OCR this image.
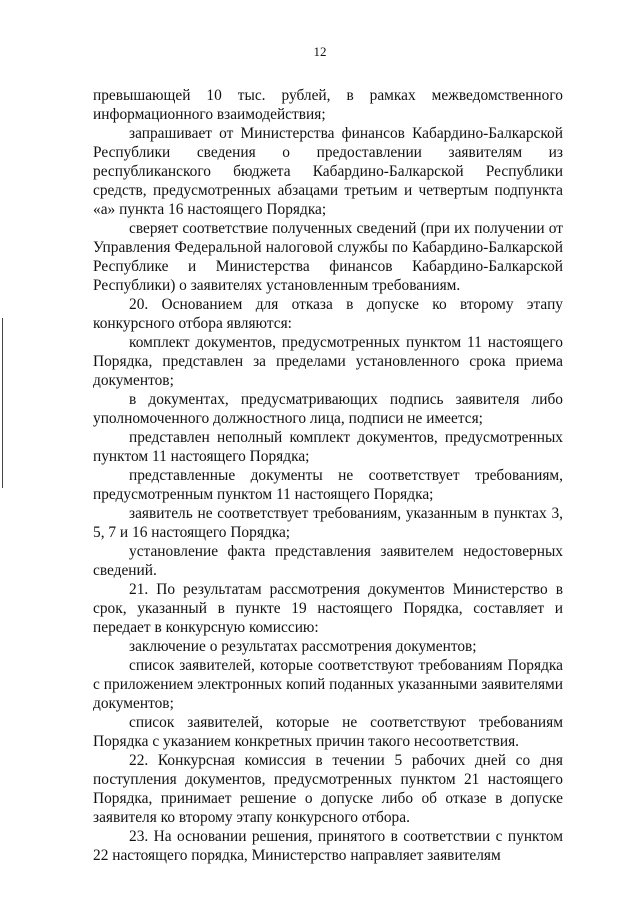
12

превышающей 10 тыс. рублей, в рамках межведомственного информационного взаимодействия;

запрашивает от Министерства финансов Кабардино-Балкарской Республики сведения о предоставлении заявителям из республиканского бюджета Кабардино-Балкарской Республики средств, предусмотренных абзацами третьим и четвертым подпункта «а» пункта 16 настоящего Порядка;

сверяет соответствие полученных сведений (при их получении от Управления Федеральной налоговой службы по Кабардино-Балкарской Республике и Министерства финансов Кабардино-Балкарской Республики) о заявителях установленным требованиям.

20. Основанием для отказа в допуске ко второму этапу конкурсного отбора являются:

комплект документов, предусмотренных пунктом 11 настоящего Порядка, представлен за пределами установленного срока приема документов;

в документах, предусматривающих подпись заявителя либо уполномоченного должностного лица, подписи не имеется;

представлен неполный комплект документов, предусмотренных пунктом 11 настоящего Порядка;

представленные документы не соответствует требованиям, предусмотренным пунктом 11 настоящего Порядка;

заявитель не соответствует требованиям, указанным в пунктах 3, 5, 7 и 16 настоящего Порядка;

установление факта представления заявителем недостоверных сведений.

21. По результатам рассмотрения документов Министерство в срок, указанный в пункте 19 настоящего Порядка, составляет и передает в конкурсную комиссию:

заключение о результатах рассмотрения документов;

список заявителей, которые соответствуют требованиям Порядка с приложением электронных копий поданных указанными заявителями документов;

список заявителей, которые не соответствуют требованиям Порядка с указанием конкретных причин такого несоответствия.

22. Конкурсная комиссия в течении 5 рабочих дней со дня поступления документов, предусмотренных пунктом 21 настоящего Порядка, принимает решение о допуске либо об отказе в допуске заявителя ко второму этапу конкурсного отбора.

23. На основании решения, принятого в соответствии с пунктом 22 настоящего порядка, Министерство направляет заявителям
